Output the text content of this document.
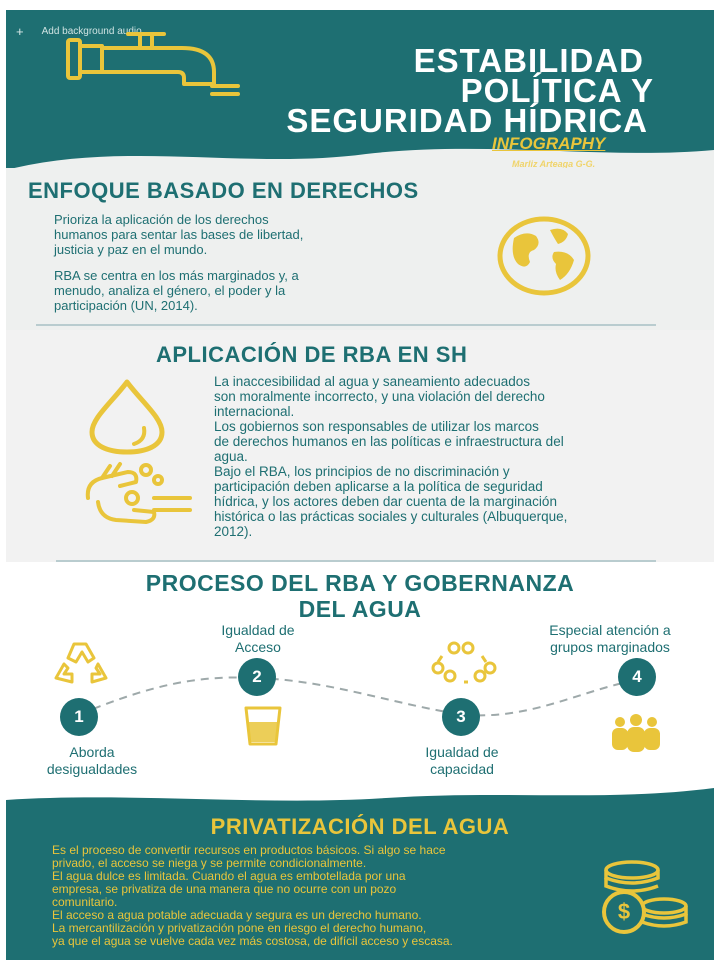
+ Add background audio
ESTABILIDAD
POLÍTICA Y
SEGURIDAD HÍDRICA
INFOGRAPHY
Marliz Arteaga G-G.
ENFOQUE BASADO EN DERECHOS
Prioriza la aplicación de los derechos
humanos para sentar las bases de libertad,
justicia y paz en el mundo.
RBA se centra en los más marginados y, a
menudo, analiza el género, el poder y la
participación (UN, 2014).
APLICACIÓN DE RBA EN SH
La inaccesibilidad al agua y saneamiento adecuados
son moralmente incorrecto, y una violación del derecho
internacional.
Los gobiernos son responsables de utilizar los marcos
de derechos humanos en las políticas e infraestructura del
agua.
Bajo el RBA, los principios de no discriminación y
participación deben aplicarse a la política de seguridad
hídrica, y los actores deben dar cuenta de la marginación
histórica o las prácticas sociales y culturales (Albuquerque,
2012).
PROCESO DEL RBA Y GOBERNANZA
DEL AGUA
1
2
3
4
Aborda
desigualdades
Igualdad de
Acceso
Igualdad de
capacidad
Especial atención a
grupos marginados
PRIVATIZACIÓN DEL AGUA
Es el proceso de convertir recursos en productos básicos. Si algo se hace
privado, el acceso se niega y se permite condicionalmente.
El agua dulce es limitada. Cuando el agua es embotellada por una
empresa, se privatiza de una manera que no ocurre con un pozo
comunitario.
El acceso a agua potable adecuada y segura es un derecho humano.
La mercantilización y privatización pone en riesgo el derecho humano,
ya que el agua se vuelve cada vez más costosa, de difícil acceso y escasa.
$
